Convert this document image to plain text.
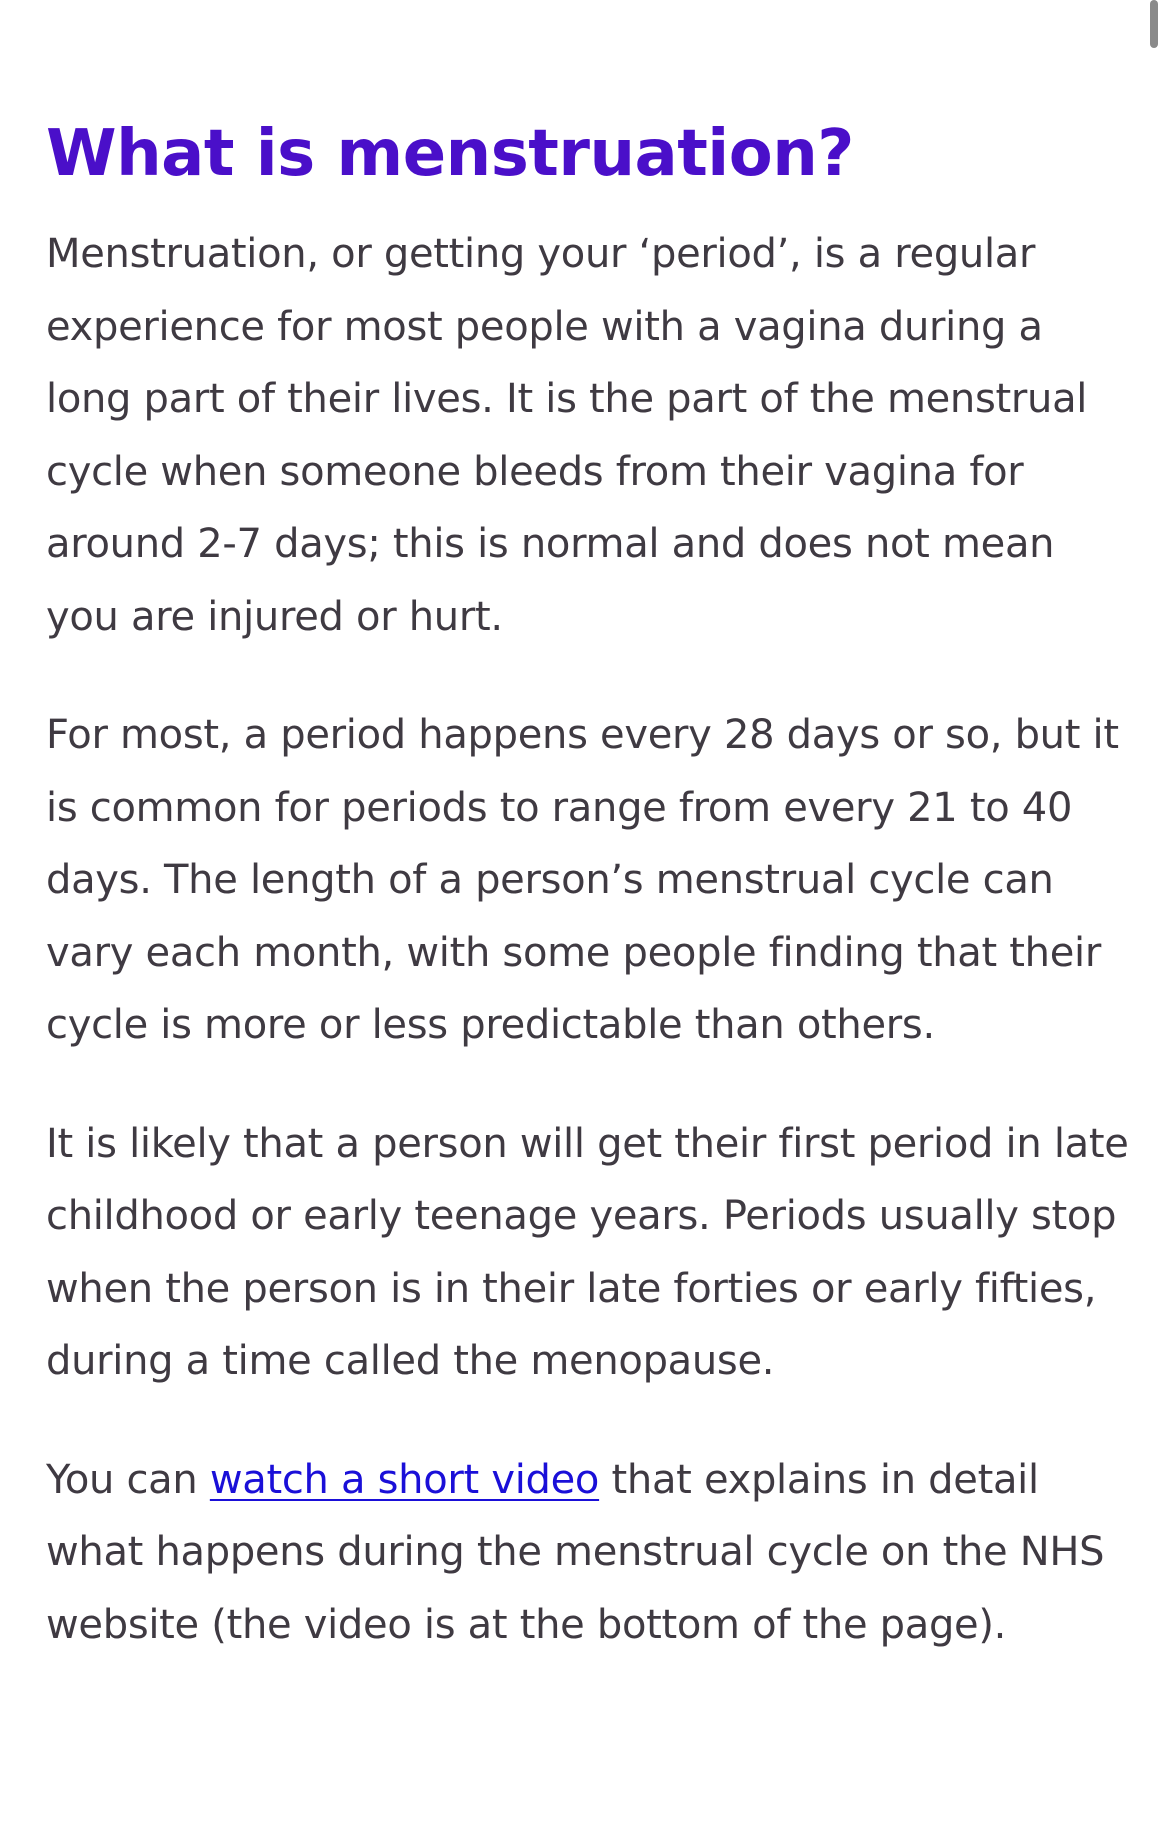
What is menstruation?

Menstruation, or getting your ‘period’, is a regular experience for most people with a vagina during a long part of their lives. It is the part of the menstrual cycle when someone bleeds from their vagina for around 2-7 days; this is normal and does not mean you are injured or hurt.

For most, a period happens every 28 days or so, but it is common for periods to range from every 21 to 40 days. The length of a person’s menstrual cycle can vary each month, with some people finding that their cycle is more or less predictable than others.

It is likely that a person will get their first period in late childhood or early teenage years. Periods usually stop when the person is in their late forties or early fifties, during a time called the menopause.

You can watch a short video that explains in detail what happens during the menstrual cycle on the NHS website (the video is at the bottom of the page).
